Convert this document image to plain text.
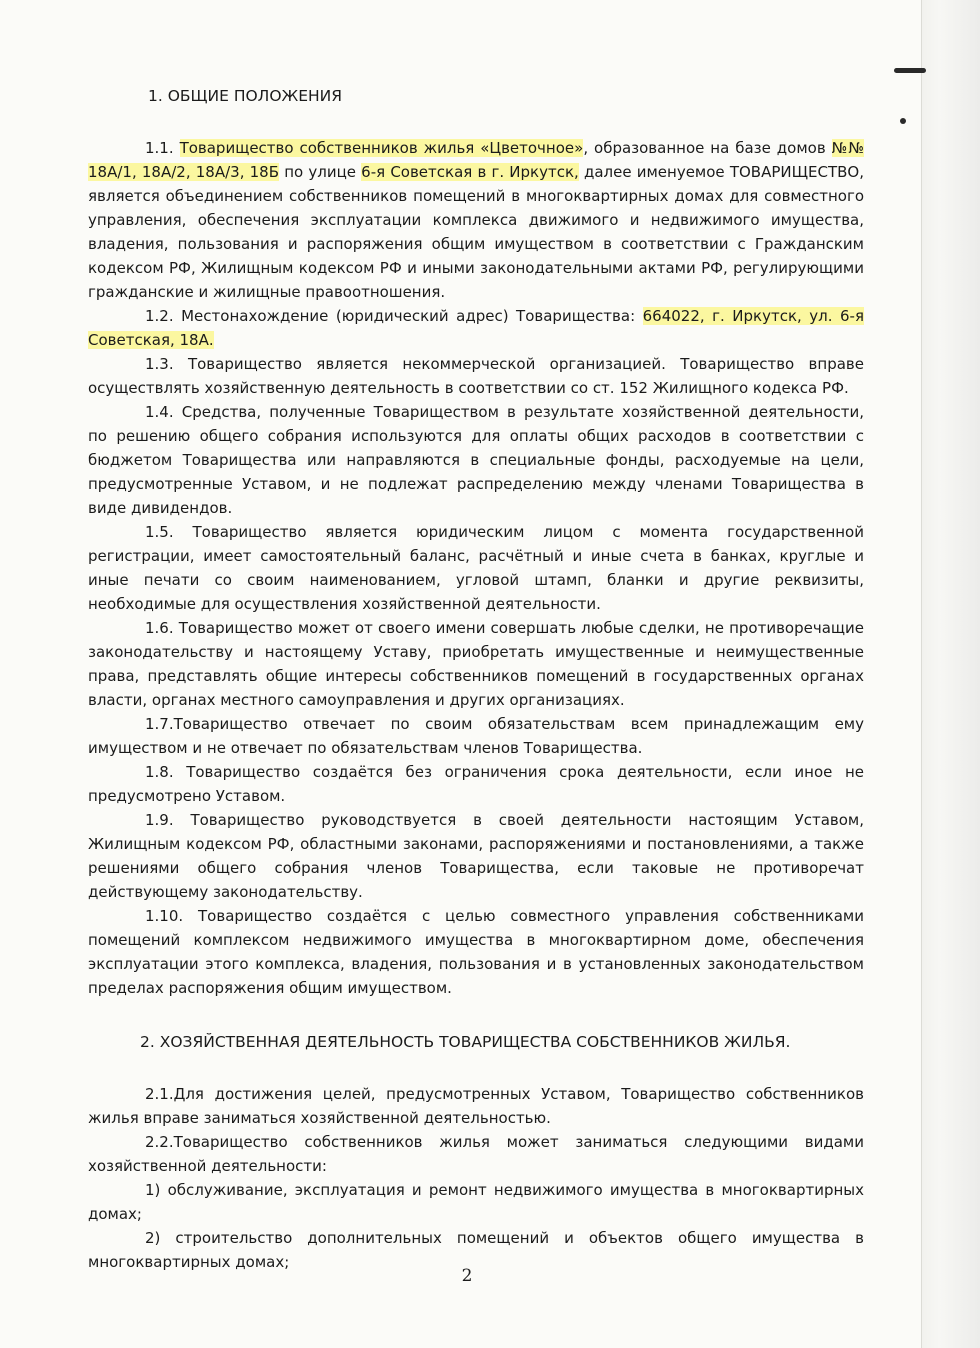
1. ОБЩИЕ ПОЛОЖЕНИЯ

1.1. Товарищество собственников жилья «Цветочное», образованное на базе домов №№ 18А/1, 18А/2, 18А/3, 18Б по улице 6-я Советская в г. Иркутск, далее именуемое ТОВАРИЩЕСТВО, является объединением собственников помещений в многоквартирных домах для совместного управления, обеспечения эксплуатации комплекса движимого и недвижимого имущества, владения, пользования и распоряжения общим имуществом в соответствии с Гражданским кодексом РФ, Жилищным кодексом РФ и иными законодательными актами РФ, регулирующими гражданские и жилищные правоотношения.

1.2. Местонахождение (юридический адрес) Товарищества: 664022, г. Иркутск, ул. 6-я Советская, 18А.

1.3. Товарищество является некоммерческой организацией. Товарищество вправе осуществлять хозяйственную деятельность в соответствии со ст. 152 Жилищного кодекса РФ.

1.4. Средства, полученные Товариществом в результате хозяйственной деятельности, по решению общего собрания используются для оплаты общих расходов в соответствии с бюджетом Товарищества или направляются в специальные фонды, расходуемые на цели, предусмотренные Уставом, и не подлежат распределению между членами Товарищества в виде дивидендов.

1.5. Товарищество является юридическим лицом с момента государственной регистрации, имеет самостоятельный баланс, расчётный и иные счета в банках, круглые и иные печати со своим наименованием, угловой штамп, бланки и другие реквизиты, необходимые для осуществления хозяйственной деятельности.

1.6. Товарищество может от своего имени совершать любые сделки, не противоречащие законодательству и настоящему Уставу, приобретать имущественные и неимущественные права, представлять общие интересы собственников помещений в государственных органах власти, органах местного самоуправления и других организациях.

1.7.Товарищество отвечает по своим обязательствам всем принадлежащим ему имуществом и не отвечает по обязательствам членов Товарищества.

1.8. Товарищество создаётся без ограничения срока деятельности, если иное не предусмотрено Уставом.

1.9. Товарищество руководствуется в своей деятельности настоящим Уставом, Жилищным кодексом РФ, областными законами, распоряжениями и постановлениями, а также решениями общего собрания членов Товарищества, если таковые не противоречат действующему законодательству.

1.10. Товарищество создаётся с целью совместного управления собственниками помещений комплексом недвижимого имущества в многоквартирном доме, обеспечения эксплуатации этого комплекса, владения, пользования и в установленных законодательством пределах распоряжения общим имуществом.

2. ХОЗЯЙСТВЕННАЯ ДЕЯТЕЛЬНОСТЬ ТОВАРИЩЕСТВА СОБСТВЕННИКОВ ЖИЛЬЯ.

2.1.Для достижения целей, предусмотренных Уставом, Товарищество собственников жилья вправе заниматься хозяйственной деятельностью.

2.2.Товарищество собственников жилья может заниматься следующими видами хозяйственной деятельности:

1) обслуживание, эксплуатация и ремонт недвижимого имущества в многоквартирных домах;

2) строительство дополнительных помещений и объектов общего имущества в многоквартирных домах;

2
